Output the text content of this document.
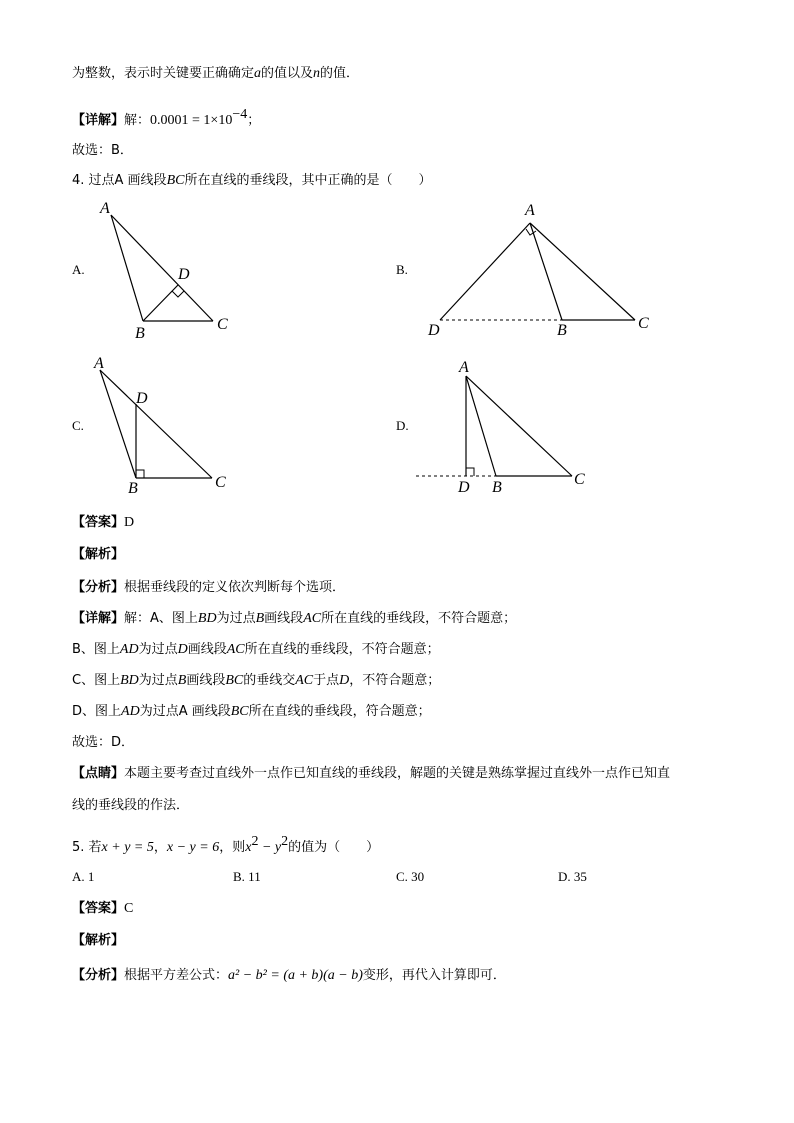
为整数，表示时关键要正确确定a的值以及n的值．
【详解】解：$0.0001 = 1\times 10^{-4}$；
故选：B．
4. 过点A 画线段BC所在直线的垂线段，其中正确的是（　　）
A.	B.
C.	D.
A
D
B
C
A
D	B	C
A
D
B	C
A
D B	C
【答案】D
【解析】
【分析】根据垂线段的定义依次判断每个选项．
【详解】解：A、图上BD为过点B画线段AC所在直线的垂线段，不符合题意；
B、图上AD为过点D画线段AC所在直线的垂线段，不符合题意；
C、图上BD为过点B画线段BC的垂线交AC于点D，不符合题意；
D、图上AD为过点A 画线段BC所在直线的垂线段，符合题意；
故选：D．
【点睛】本题主要考查过直线外一点作已知直线的垂线段，解题的关键是熟练掌握过直线外一点作已知直
线的垂线段的作法．
5. 若x + y = 5，x − y = 6，则$x^2 - y^2$的值为（　　）
A. 1	B. 11	C. 30	D. 35
【答案】C
【解析】
【分析】根据平方差公式：a² − b² = (a + b)(a − b)变形，再代入计算即可．
